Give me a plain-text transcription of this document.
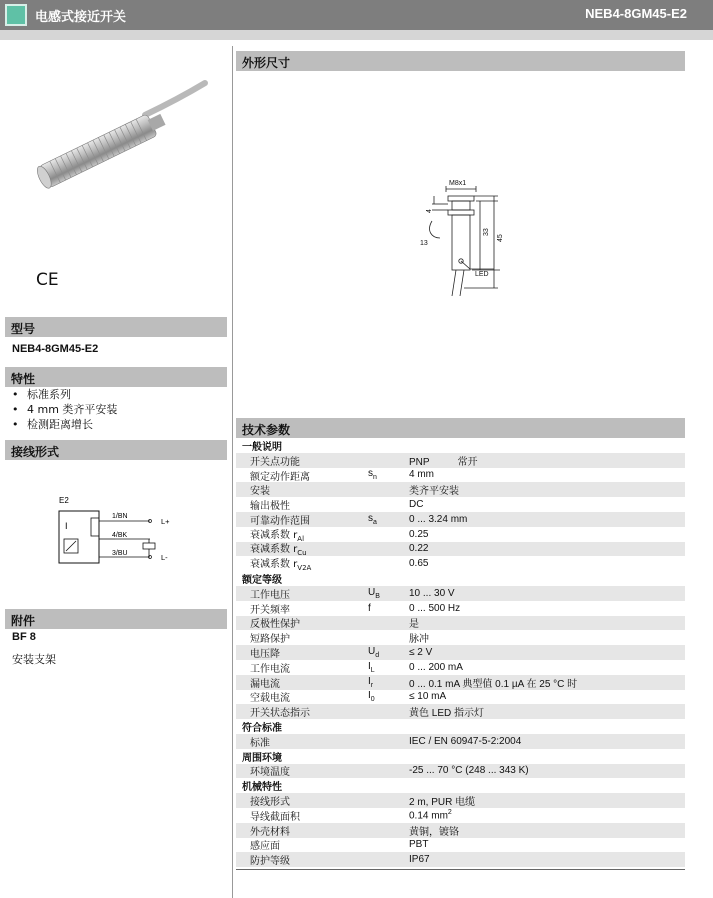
电感式接近开关	NEB4-8GM45-E2
CE
型号
NEB4-8GM45-E2
特性
• 标准系列
• 4 mm 类齐平安装
• 检测距离增长
接线形式
E2
I
1/BN
4/BK
3/BU
L+
L-
附件
BF 8
安装支架
外形尺寸
M8x1
4
13
33
45
LED
技术参数
一般说明
开关点功能	PNP	常开
额定动作距离	$s_n$	4 mm
安装	类齐平安装
输出极性	DC
可靠动作范围	$s_a$	0 ... 3.24 mm
衰减系数 $r_{Al}$	0.25
衰减系数 $r_{Cu}$	0.22
衰减系数 $r_{V2A}$	0.65
额定等级
工作电压	$U_B$	10 ... 30 V
开关频率	f	0 ... 500 Hz
反极性保护	是
短路保护	脉冲
电压降	$U_d$	≤ 2 V
工作电流	$I_L$	0 ... 200 mA
漏电流	$I_r$	0 ... 0.1 mA 典型值 0.1 µA 在 25 °C 时
空载电流	$I_0$	≤ 10 mA
开关状态指示	黄色 LED 指示灯
符合标准
标准	IEC / EN 60947-5-2:2004
周围环境
环境温度	-25 ... 70 °C (248 ... 343 K)
机械特性
接线形式	2 m, PUR 电缆
导线截面积	0.14 $mm^2$
外壳材料	黄铜，镀铬
感应面	PBT
防护等级	IP67
